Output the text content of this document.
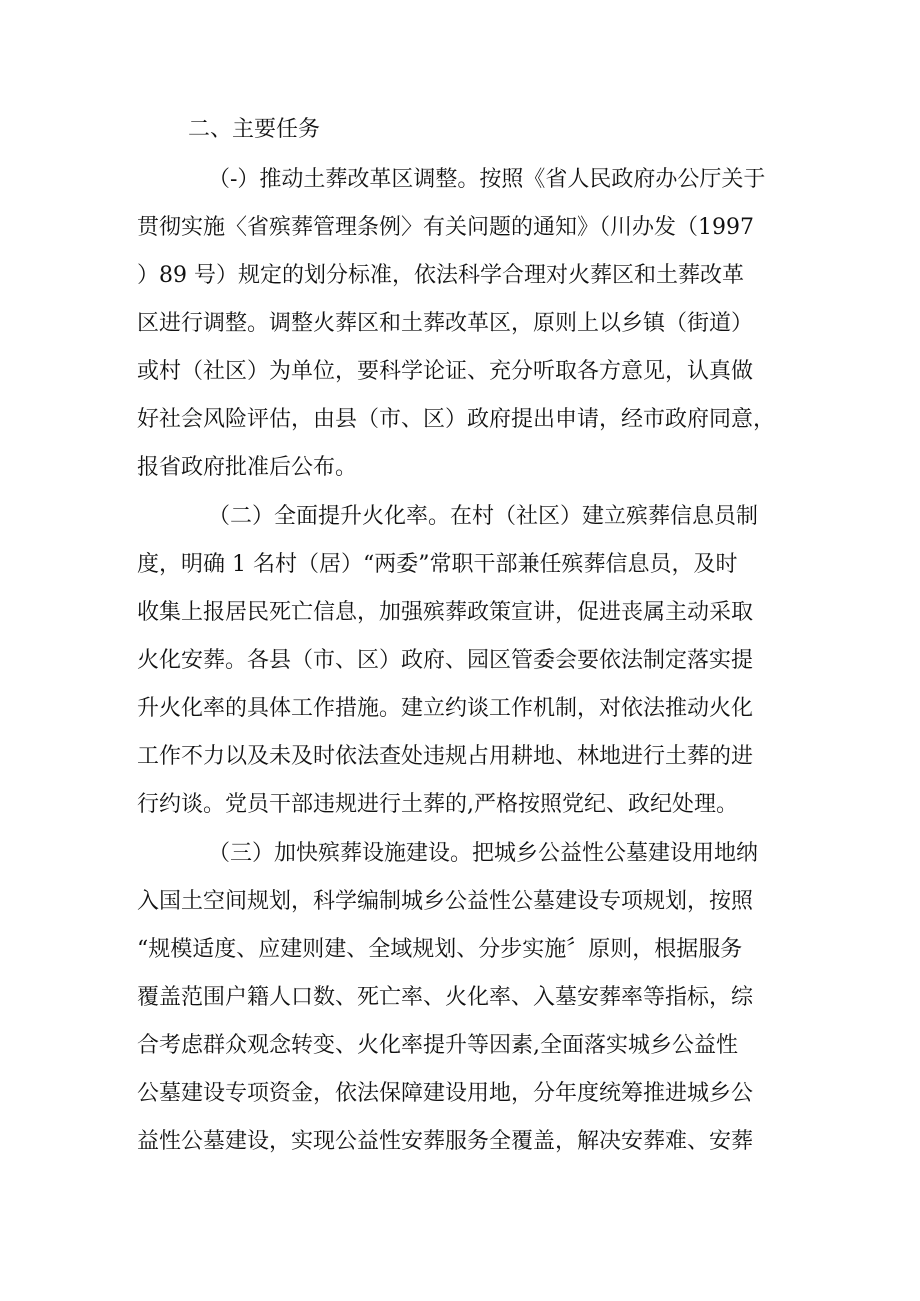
二、主要任务
（-）推动土葬改革区调整。按照《省人民政府办公厅关于
贯彻实施〈省殡葬管理条例〉有关问题的通知》（川办发（1997
）89 号）规定的划分标准，依法科学合理对火葬区和土葬改革
区进行调整。调整火葬区和土葬改革区，原则上以乡镇（街道）
或村（社区）为单位，要科学论证、充分听取各方意见，认真做
好社会风险评估，由县（市、区）政府提出申请，经市政府同意，
报省政府批准后公布。
（二）全面提升火化率。在村（社区）建立殡葬信息员制
度，明确 1 名村（居）“两委”常职干部兼任殡葬信息员，及时
收集上报居民死亡信息，加强殡葬政策宣讲，促进丧属主动采取
火化安葬。各县（市、区）政府、园区管委会要依法制定落实提
升火化率的具体工作措施。建立约谈工作机制，对依法推动火化
工作不力以及未及时依法查处违规占用耕地、林地进行土葬的进
行约谈。党员干部违规进行土葬的,严格按照党纪、政纪处理。
（三）加快殡葬设施建设。把城乡公益性公墓建设用地纳
入国土空间规划，科学编制城乡公益性公墓建设专项规划，按照
“规模适度、应建则建、全域规划、分步实施〞原则，根据服务
覆盖范围户籍人口数、死亡率、火化率、入墓安葬率等指标，综
合考虑群众观念转变、火化率提升等因素,全面落实城乡公益性
公墓建设专项资金，依法保障建设用地，分年度统筹推进城乡公
益性公墓建设，实现公益性安葬服务全覆盖，解决安葬难、安葬
